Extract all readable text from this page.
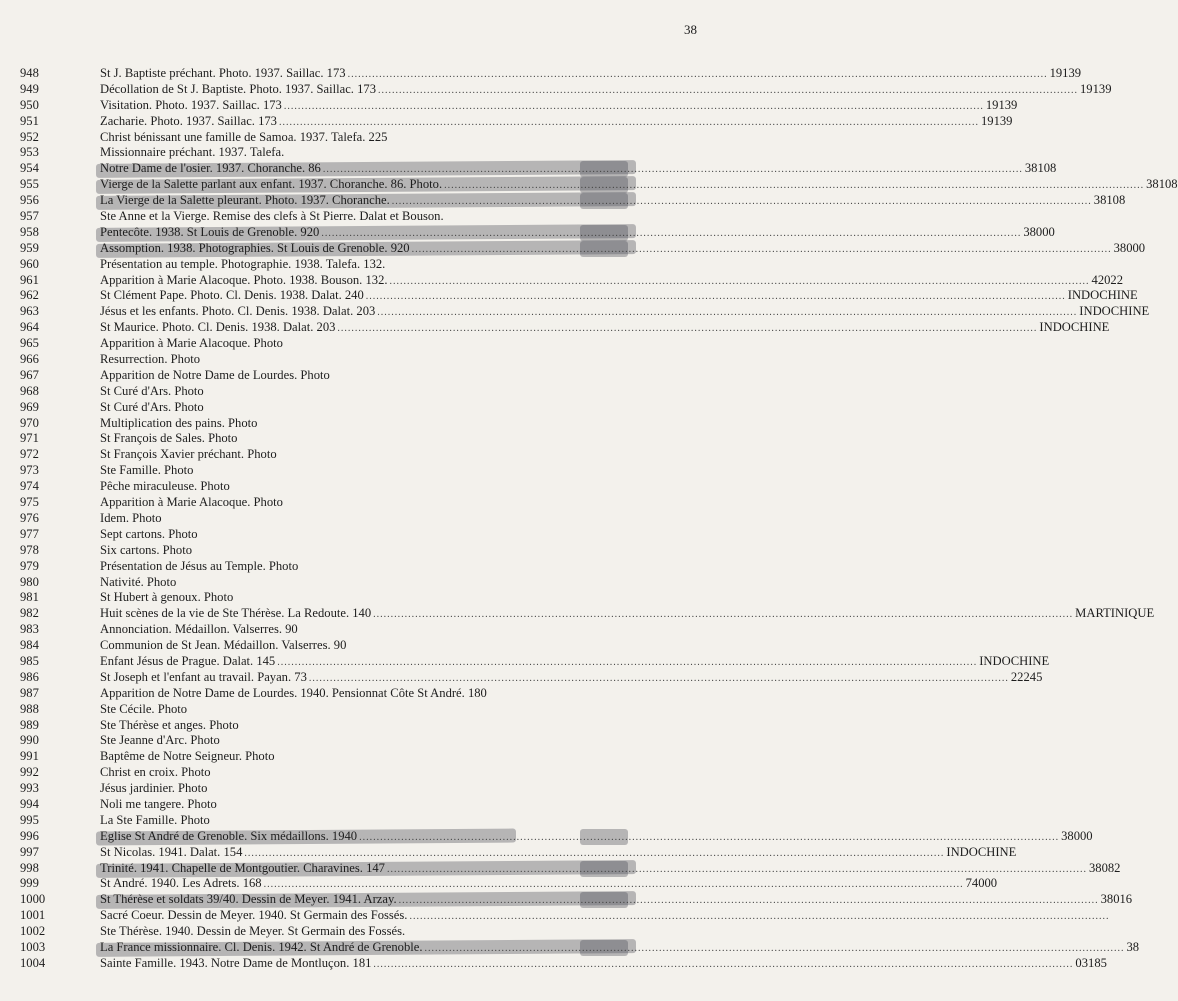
38
948	St J. Baptiste préchant. Photo. 1937. Saillac. 173 ........................................................................................................................................................................................................ 19139
949	Décollation de St J. Baptiste. Photo. 1937. Saillac. 173 ........................................................................................................................................................................................................ 19139
950	Visitation. Photo. 1937. Saillac. 173 ........................................................................................................................................................................................................ 19139
951	Zacharie. Photo. 1937. Saillac. 173 ........................................................................................................................................................................................................ 19139
952	Christ bénissant une famille de Samoa. 1937. Talefa. 225
953	Missionnaire préchant. 1937. Talefa.
954	Notre Dame de l'osier. 1937. Choranche. 86 ........................................................................................................................................................................................................ 38108
955	Vierge de la Salette parlant aux enfant. 1937. Choranche. 86. Photo. ........................................................................................................................................................................................................ 38108
956	La Vierge de la Salette pleurant. Photo. 1937. Choranche. ........................................................................................................................................................................................................ 38108
957	Ste Anne et la Vierge. Remise des clefs à St Pierre. Dalat et Bouson.
958	Pentecôte. 1938. St Louis de Grenoble. 920 ........................................................................................................................................................................................................ 38000
959	Assomption. 1938. Photographies. St Louis de Grenoble. 920 ........................................................................................................................................................................................................ 38000
960	Présentation au temple. Photographie. 1938. Talefa. 132.
961	Apparition à Marie Alacoque. Photo. 1938. Bouson. 132. ........................................................................................................................................................................................................ 42022
962	St Clément Pape. Photo. Cl. Denis. 1938. Dalat. 240 ........................................................................................................................................................................................................ INDOCHINE
963	Jésus et les enfants. Photo. Cl. Denis. 1938. Dalat. 203 ........................................................................................................................................................................................................ INDOCHINE
964	St Maurice. Photo. Cl. Denis. 1938. Dalat. 203 ........................................................................................................................................................................................................ INDOCHINE
965	Apparition à Marie Alacoque. Photo
966	Resurrection. Photo
967	Apparition de Notre Dame de Lourdes. Photo
968	St Curé d'Ars. Photo
969	St Curé d'Ars. Photo
970	Multiplication des pains. Photo
971	St François de Sales. Photo
972	St François Xavier préchant. Photo
973	Ste Famille. Photo
974	Pêche miraculeuse. Photo
975	Apparition à Marie Alacoque. Photo
976	Idem. Photo
977	Sept cartons. Photo
978	Six cartons. Photo
979	Présentation de Jésus au Temple. Photo
980	Nativité. Photo
981	St Hubert à genoux. Photo
982	Huit scènes de la vie de Ste Thérèse. La Redoute. 140 ........................................................................................................................................................................................................ MARTINIQUE
983	Annonciation. Médaillon. Valserres. 90
984	Communion de St Jean. Médaillon. Valserres. 90
985	Enfant Jésus de Prague. Dalat. 145 ........................................................................................................................................................................................................ INDOCHINE
986	St Joseph et l'enfant au travail. Payan. 73 ........................................................................................................................................................................................................ 22245
987	Apparition de Notre Dame de Lourdes. 1940. Pensionnat Côte St André. 180
988	Ste Cécile. Photo
989	Ste Thérèse et anges. Photo
990	Ste Jeanne d'Arc. Photo
991	Baptême de Notre Seigneur. Photo
992	Christ en croix. Photo
993	Jésus jardinier. Photo
994	Noli me tangere. Photo
995	La Ste Famille. Photo
996	Eglise St André de Grenoble. Six médaillons. 1940 ........................................................................................................................................................................................................ 38000
997	St Nicolas. 1941. Dalat. 154 ........................................................................................................................................................................................................ INDOCHINE
998	Trinité. 1941. Chapelle de Montgoutier. Charavines. 147 ........................................................................................................................................................................................................ 38082
999	St André. 1940. Les Adrets. 168 ........................................................................................................................................................................................................ 74000
1000	St Thérèse et soldats 39/40. Dessin de Meyer. 1941. Arzay. ........................................................................................................................................................................................................ 38016
1001	Sacré Coeur. Dessin de Meyer. 1940. St Germain des Fossés. ........................................................................................................................................................................................................
1002	Ste Thérèse. 1940. Dessin de Meyer. St Germain des Fossés.
1003	La France missionnaire. Cl. Denis. 1942. St André de Grenoble. ........................................................................................................................................................................................................ 38
1004	Sainte Famille. 1943. Notre Dame de Montluçon. 181 ........................................................................................................................................................................................................ 03185
